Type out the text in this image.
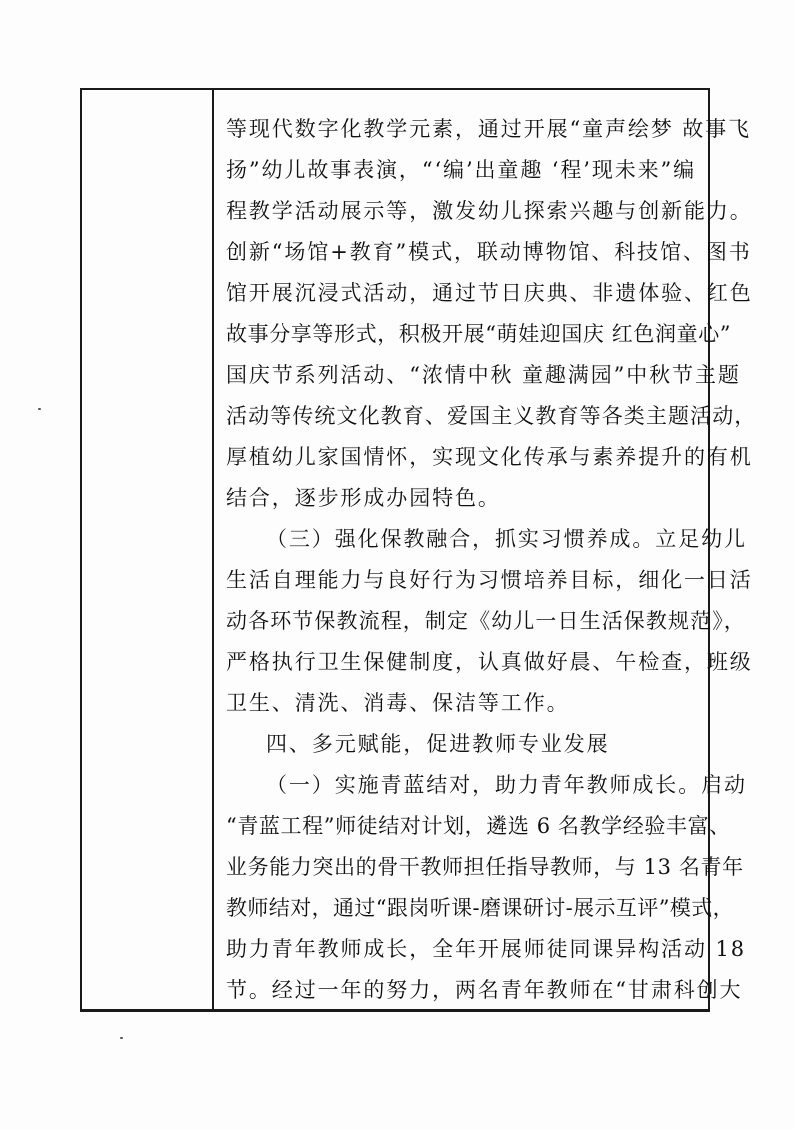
等现代数字化教学元素，通过开展“童声绘梦 故事飞
扬”幼儿故事表演，“‘编’出童趣 ‘程’现未来”编
程教学活动展示等，激发幼儿探索兴趣与创新能力。
创新“场馆+教育”模式，联动博物馆、科技馆、图书
馆开展沉浸式活动，通过节日庆典、非遗体验、红色
故事分享等形式，积极开展“萌娃迎国庆 红色润童心”
国庆节系列活动、“浓情中秋 童趣满园”中秋节主题
活动等传统文化教育、爱国主义教育等各类主题活动，
厚植幼儿家国情怀，实现文化传承与素养提升的有机
结合，逐步形成办园特色。
（三）强化保教融合，抓实习惯养成。立足幼儿
生活自理能力与良好行为习惯培养目标，细化一日活
动各环节保教流程，制定《幼儿一日生活保教规范》，
严格执行卫生保健制度，认真做好晨、午检查，班级
卫生、清洗、消毒、保洁等工作。
四、多元赋能，促进教师专业发展
（一）实施青蓝结对，助力青年教师成长。启动
“青蓝工程”师徒结对计划，遴选 6 名教学经验丰富、
业务能力突出的骨干教师担任指导教师，与 13 名青年
教师结对，通过“跟岗听课-磨课研讨-展示互评”模式，
助力青年教师成长，全年开展师徒同课异构活动 18
节。经过一年的努力，两名青年教师在“甘肃科创大
